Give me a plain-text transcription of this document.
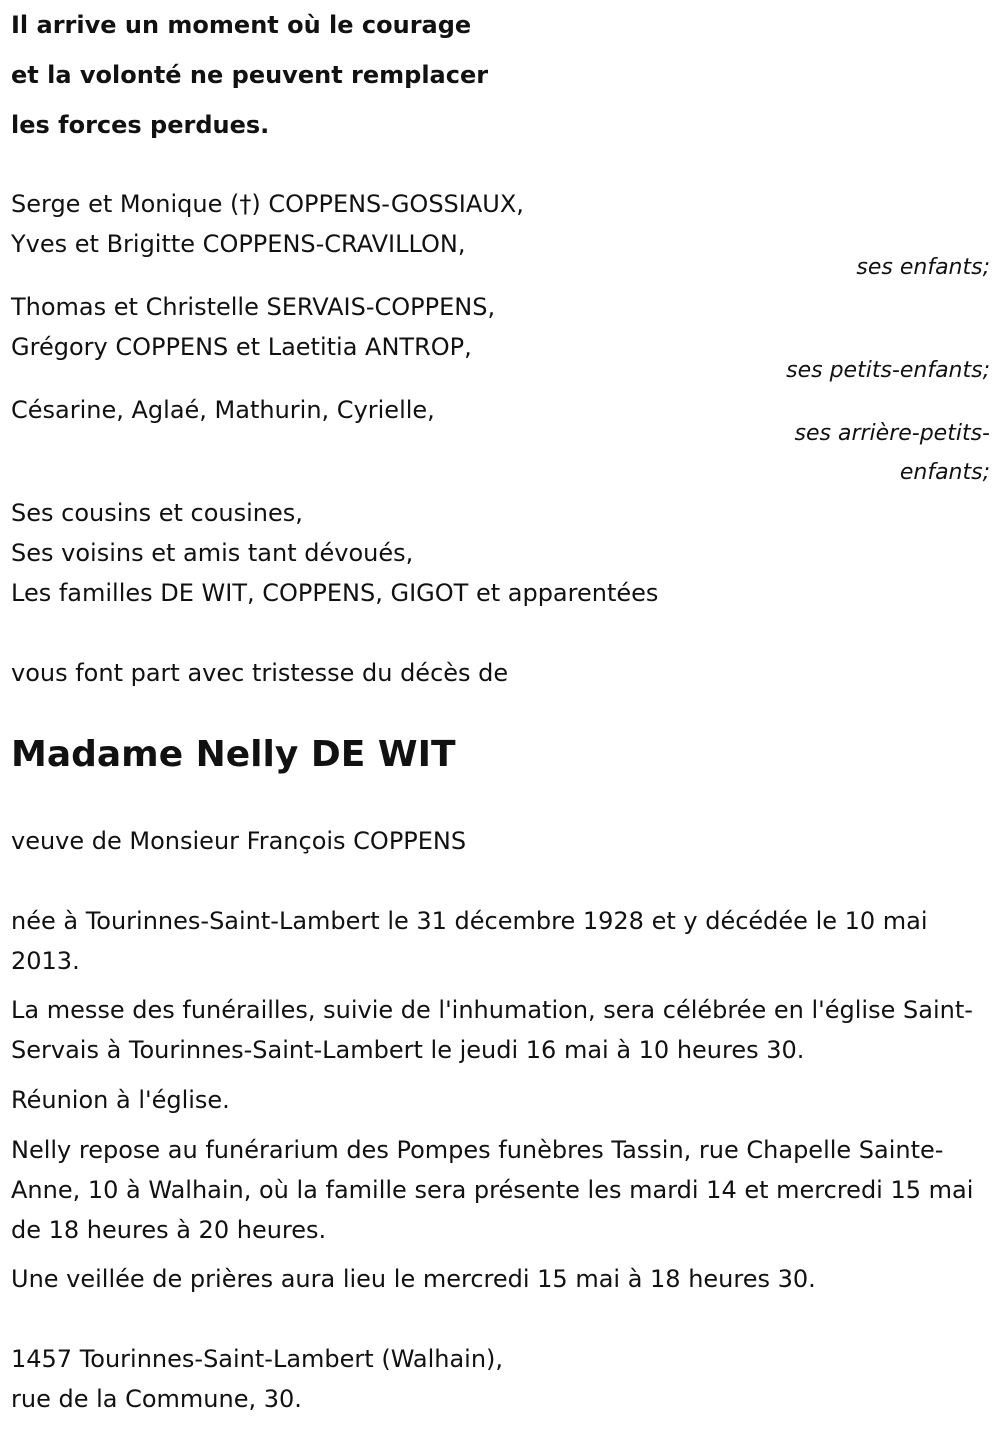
Il arrive un moment où le courage
et la volonté ne peuvent remplacer
les forces perdues.
Serge et Monique (†) COPPENS-GOSSIAUX,
Yves et Brigitte COPPENS-CRAVILLON,
ses enfants;
Thomas et Christelle SERVAIS-COPPENS,
Grégory COPPENS et Laetitia ANTROP,
ses petits-enfants;
Césarine, Aglaé, Mathurin, Cyrielle,
ses arrière-petits-
enfants;
Ses cousins et cousines,
Ses voisins et amis tant dévoués,
Les familles DE WIT, COPPENS, GIGOT et apparentées
vous font part avec tristesse du décès de
Madame Nelly DE WIT
veuve de Monsieur François COPPENS
née à Tourinnes-Saint-Lambert le 31 décembre 1928 et y décédée le 10 mai 2013.
La messe des funérailles, suivie de l'inhumation, sera célébrée en l'église Saint-Servais à Tourinnes-Saint-Lambert le jeudi 16 mai à 10 heures 30.
Réunion à l'église.
Nelly repose au funérarium des Pompes funèbres Tassin, rue Chapelle Sainte-Anne, 10 à Walhain, où la famille sera présente les mardi 14 et mercredi 15 mai de 18 heures à 20 heures.
Une veillée de prières aura lieu le mercredi 15 mai à 18 heures 30.
1457 Tourinnes-Saint-Lambert (Walhain),
rue de la Commune, 30.
